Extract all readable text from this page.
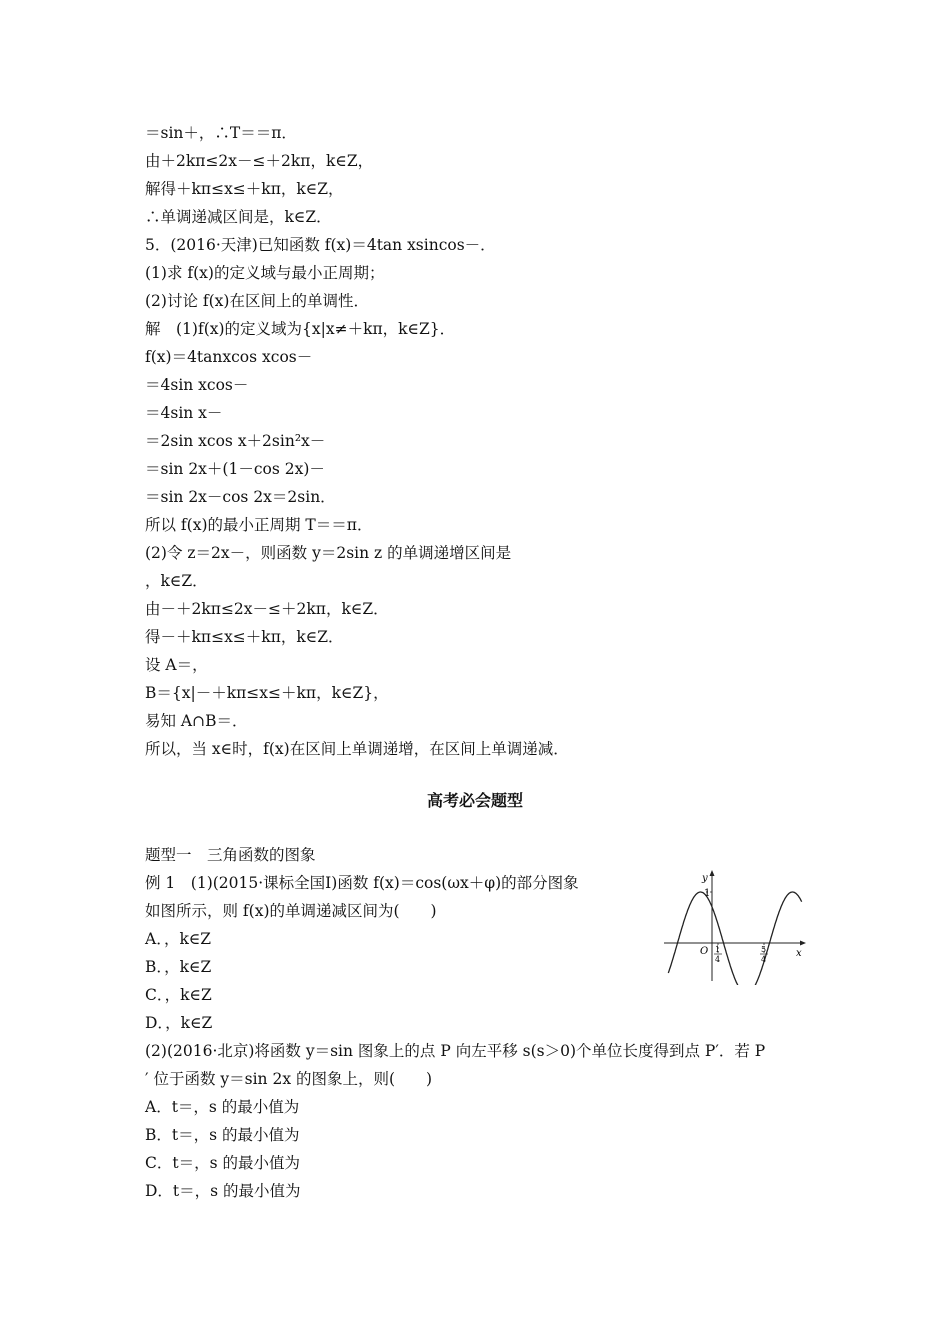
＝sin＋，∴T＝＝π．
由＋2kπ≤2x－≤＋2kπ，k∈Z，
解得＋kπ≤x≤＋kπ，k∈Z，
∴单调递减区间是，k∈Z．
5．(2016·天津)已知函数 f(x)＝4tan xsincos－．
(1)求 f(x)的定义域与最小正周期；
(2)讨论 f(x)在区间上的单调性．
解　(1)f(x)的定义域为{x|x≠＋kπ，k∈Z}．
f(x)＝4tanxcos xcos－
＝4sin xcos－
＝4sin x－
＝2sin xcos x＋2sin²x－
＝sin 2x＋(1－cos 2x)－
＝sin 2x－cos 2x＝2sin．
所以 f(x)的最小正周期 T＝＝π．
(2)令 z＝2x－，则函数 y＝2sin z 的单调递增区间是
，k∈Z．
由－＋2kπ≤2x－≤＋2kπ，k∈Z．
得－＋kπ≤x≤＋kπ，k∈Z．
设 A＝，
B＝{x|－＋kπ≤x≤＋kπ，k∈Z}，
易知 A∩B＝．
所以，当 x∈时，f(x)在区间上单调递增，在区间上单调递减．
高考必会题型
题型一　三角函数的图象
例 1　(1)(2015·课标全国Ⅰ)函数 f(x)＝cos(ωx＋φ)的部分图象
如图所示，则 f(x)的单调递减区间为(　　)
A．，k∈Z
B．，k∈Z
C．，k∈Z
D．，k∈Z
(2)(2016·北京)将函数 y＝sin 图象上的点 P 向左平移 s(s＞0)个单位长度得到点 P′．若 P
′ 位于函数 y＝sin 2x 的图象上，则(　　)
A．t＝，s 的最小值为
B．t＝，s 的最小值为
C．t＝，s 的最小值为
D．t＝，s 的最小值为
y
x
O
1
1
4
5
4
